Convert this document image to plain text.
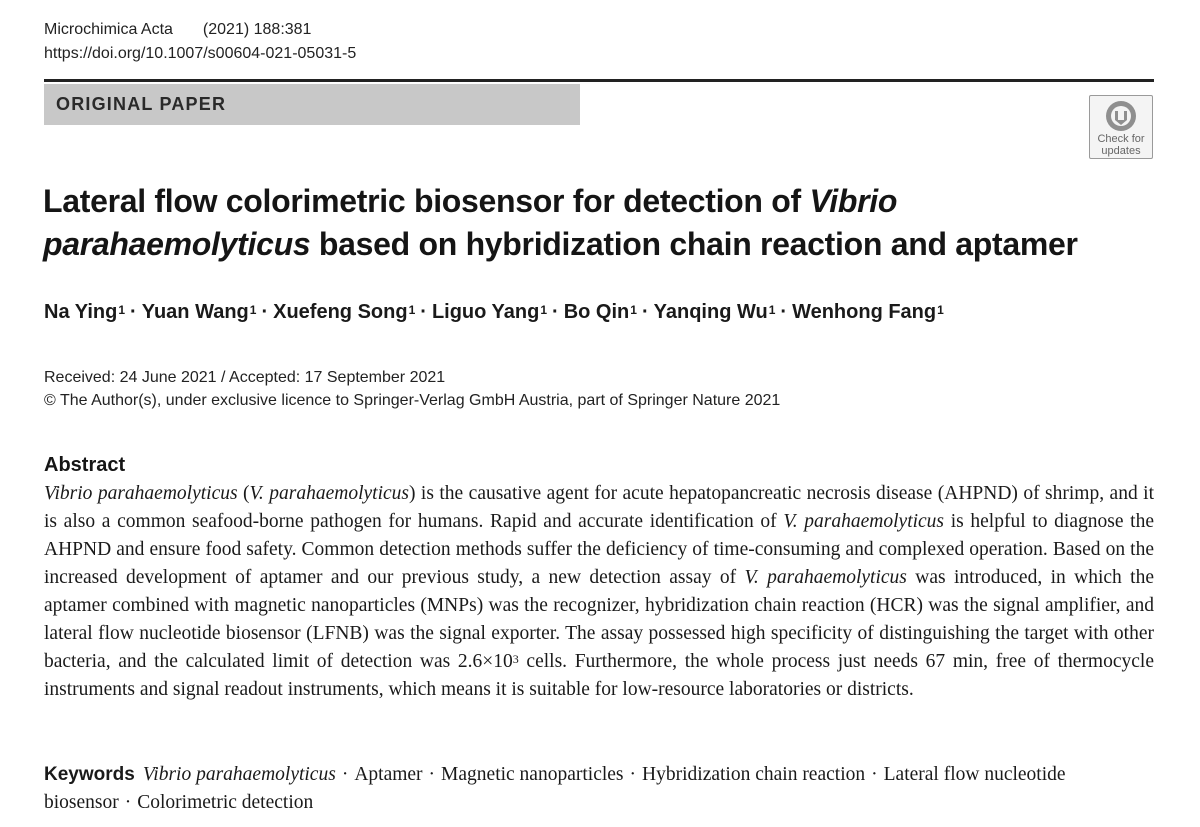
Microchimica Acta (2021) 188:381
https://doi.org/10.1007/s00604-021-05031-5
ORIGINAL PAPER
Check for
updates
Lateral flow colorimetric biosensor for detection of Vibrio
parahaemolyticus based on hybridization chain reaction and aptamer
Na Ying$^1$ · Yuan Wang$^1$ · Xuefeng Song$^1$ · Liguo Yang$^1$ · Bo Qin$^1$ · Yanqing $Wu^1$ · Wenhong Fang$^1$
Received: 24 June 2021 / Accepted: 17 September 2021
© The Author(s), under exclusive licence to Springer-Verlag GmbH Austria, part of Springer Nature 2021
Abstract
Vibrio parahaemolyticus (V. parahaemolyticus) is the causative agent for acute hepatopancreatic necrosis disease (AHPND) of shrimp, and it is also a common seafood-borne pathogen for humans. Rapid and accurate identification of V. parahaemolyticus is helpful to diagnose the AHPND and ensure food safety. Common detection methods suffer the deficiency of time-consuming and complexed operation. Based on the increased development of aptamer and our previous study, a new detection assay of V. parahaemolyticus was introduced, in which the aptamer combined with magnetic nanoparticles (MNPs) was the recognizer, hybridization chain reaction (HCR) was the signal amplifier, and lateral flow nucleotide biosensor (LFNB) was the signal exporter. The assay possessed high specificity of distinguishing the target with other bacteria, and the calculated limit of detection was $2.6\times 10^3$ cells. Furthermore, the whole process just needs 67 min, free of thermocycle instruments and signal readout instruments, which means it is suitable for low-resource laboratories or districts.
Keywords Vibrio parahaemolyticus · Aptamer · Magnetic nanoparticles · Hybridization chain reaction · Lateral flow nucleotide biosensor · Colorimetric detection
